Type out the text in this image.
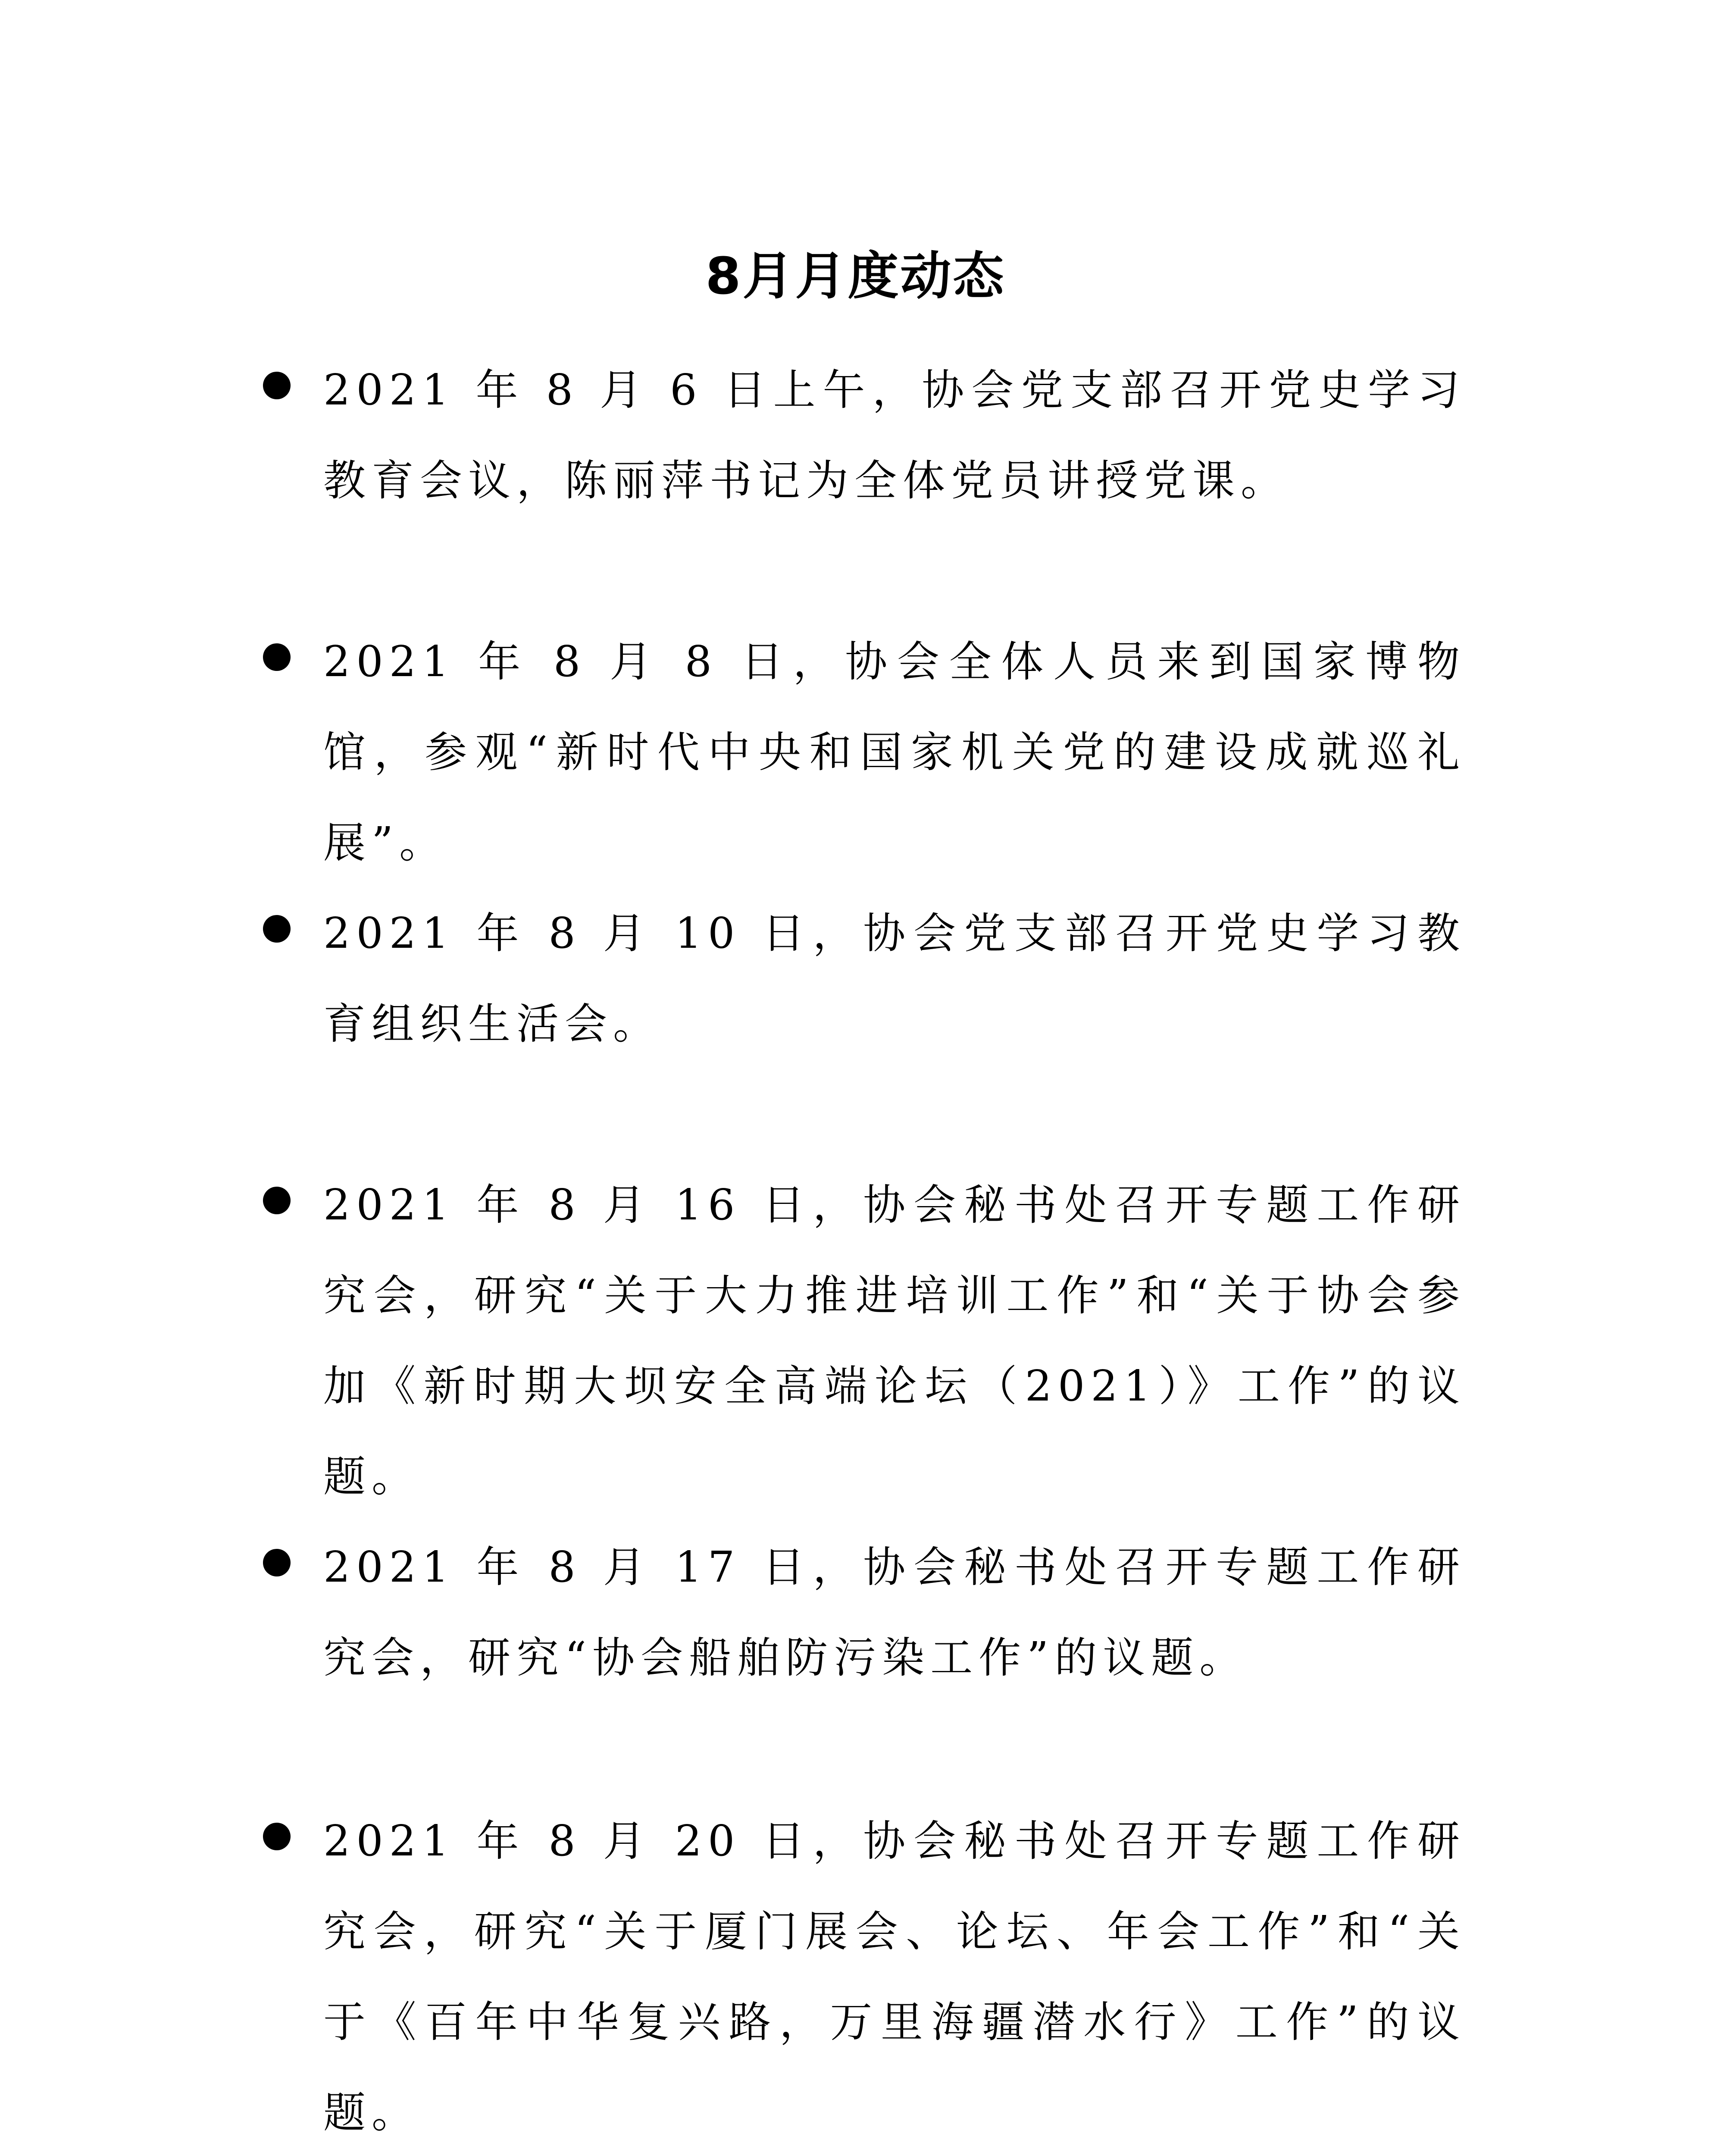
8月月度动态
2021 年 8 月 6 日上午，协会党支部召开党史学习教育会议，陈丽萍书记为全体党员讲授党课。
2021 年 8 月 8 日，协会全体人员来到国家博物馆，参观“新时代中央和国家机关党的建设成就巡礼展”。
2021 年 8 月 10 日，协会党支部召开党史学习教育组织生活会。
2021 年 8 月 16 日，协会秘书处召开专题工作研究会，研究“关于大力推进培训工作”和“关于协会参加《新时期大坝安全高端论坛（2021）》工作”的议题。
2021 年 8 月 17 日，协会秘书处召开专题工作研究会，研究“协会船舶防污染工作”的议题。
2021 年 8 月 20 日，协会秘书处召开专题工作研究会，研究“关于厦门展会、论坛、年会工作”和“关于《百年中华复兴路，万里海疆潜水行》工作”的议题。
